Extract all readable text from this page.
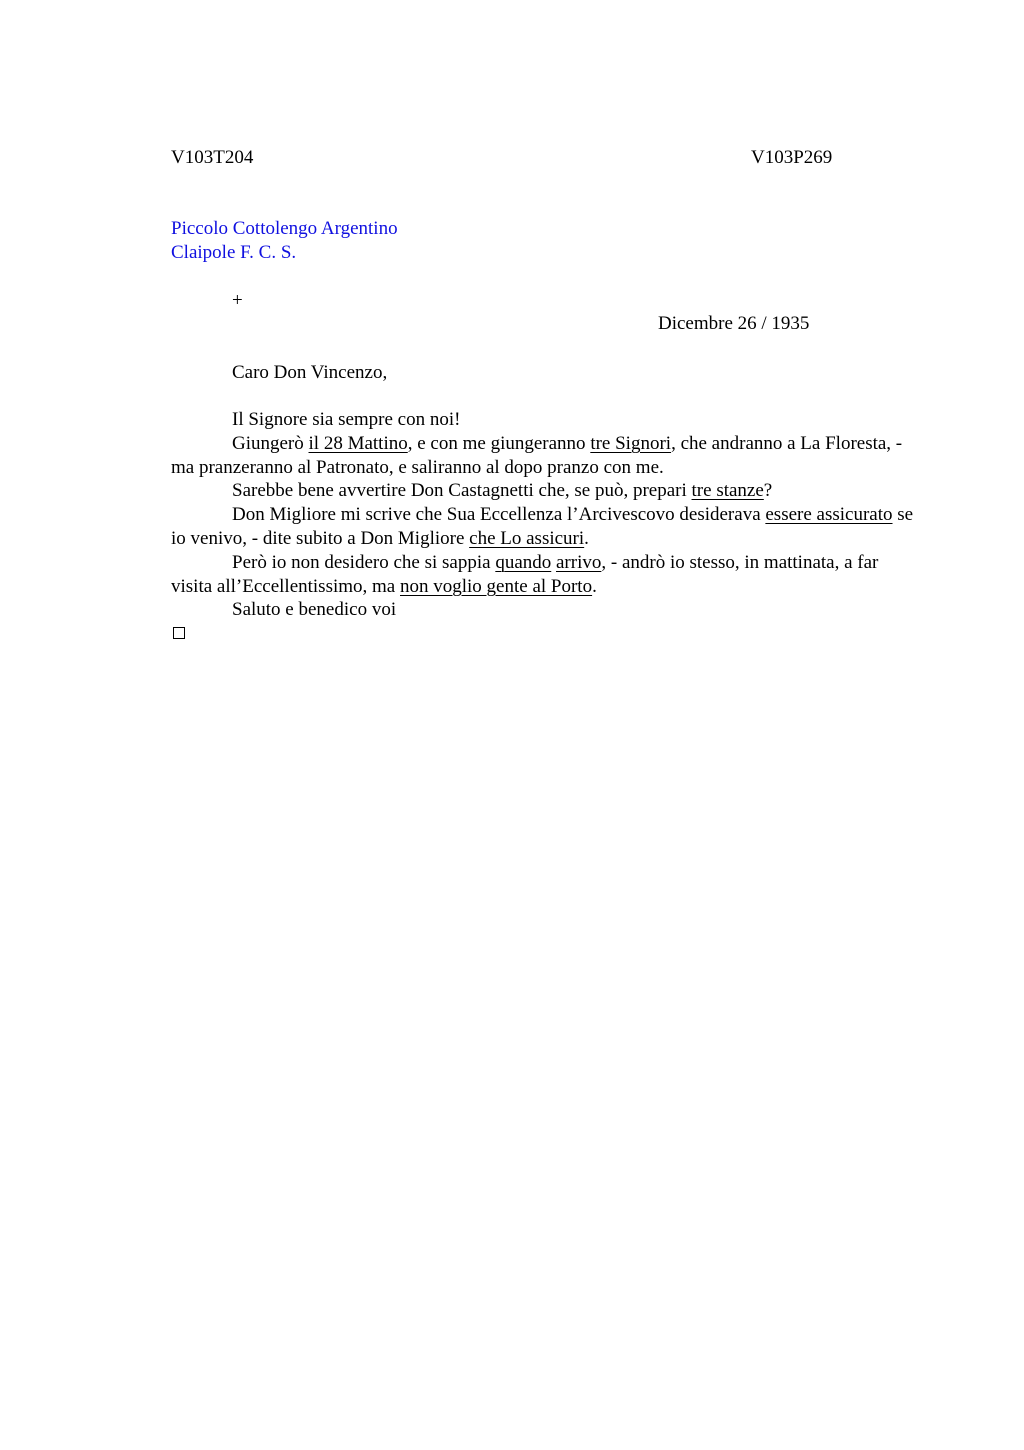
V103T204	V103P269
Piccolo Cottolengo Argentino
Claipole F. C. S.
+
Dicembre 26 / 1935
Caro Don Vincenzo,

Il Signore sia sempre con noi!

Giungerò il 28 Mattino, e con me giungeranno tre Signori, che andranno a La Floresta, - ma pranzeranno al Patronato, e saliranno al dopo pranzo con me.

Sarebbe bene avvertire Don Castagnetti che, se può, prepari tre stanze?

Don Migliore mi scrive che Sua Eccellenza l’Arcivescovo desiderava essere assicurato se io venivo, - dite subito a Don Migliore che Lo assicuri.

Però io non desidero che si sappia quando arrivo, - andrò io stesso, in mattinata, a far visita all’Eccellentissimo, ma non voglio gente al Porto.

Saluto e benedico voi
